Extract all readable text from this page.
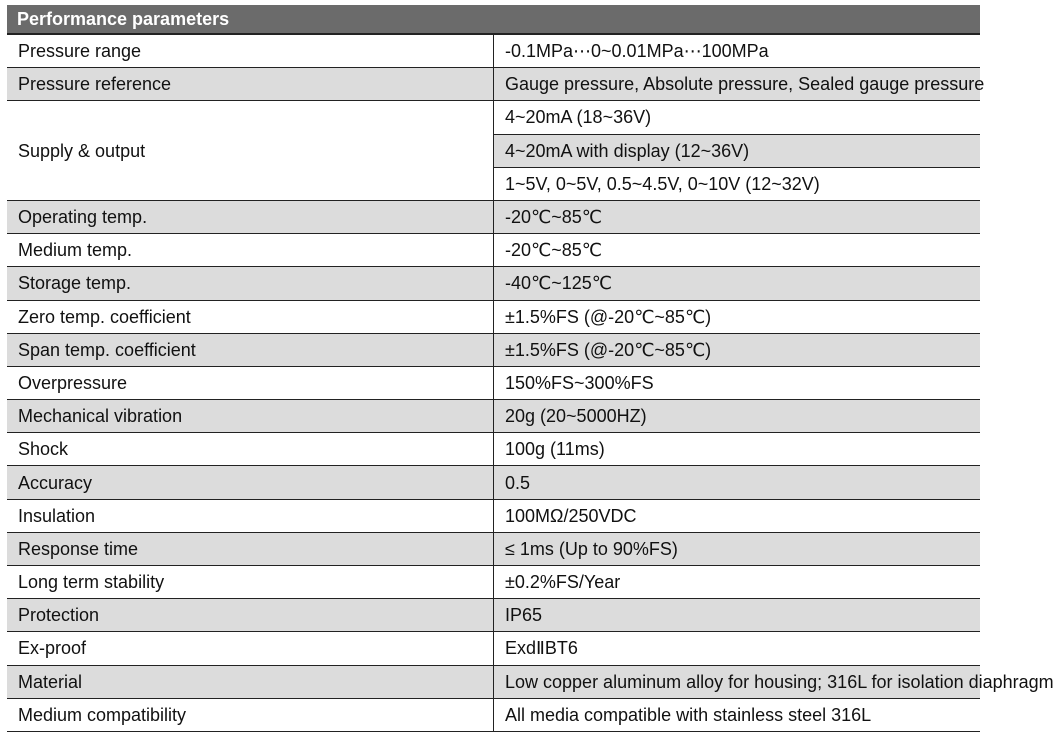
Performance parameters	
Pressure range	-0.1MPa⋯0~0.01MPa⋯100MPa
Pressure reference	Gauge pressure, Absolute pressure, Sealed gauge pressure
Supply & output	4~20mA (18~36V)
	4~20mA with display (12~36V)
	1~5V, 0~5V, 0.5~4.5V, 0~10V (12~32V)
Operating temp.	-20℃~85℃
Medium temp.	-20℃~85℃
Storage temp.	-40℃~125℃
Zero temp. coefficient	±1.5%FS (@-20℃~85℃)
Span temp. coefficient	±1.5%FS (@-20℃~85℃)
Overpressure	150%FS~300%FS
Mechanical vibration	20g (20~5000HZ)
Shock	100g (11ms)
Accuracy	0.5
Insulation	100MΩ/250VDC
Response time	≤ 1ms (Up to 90%FS)
Long term stability	±0.2%FS/Year
Protection	IP65
Ex-proof	ExdⅡBT6
Material	Low copper aluminum alloy for housing; 316L for isolation diaphragm
Medium compatibility	All media compatible with stainless steel 316L
